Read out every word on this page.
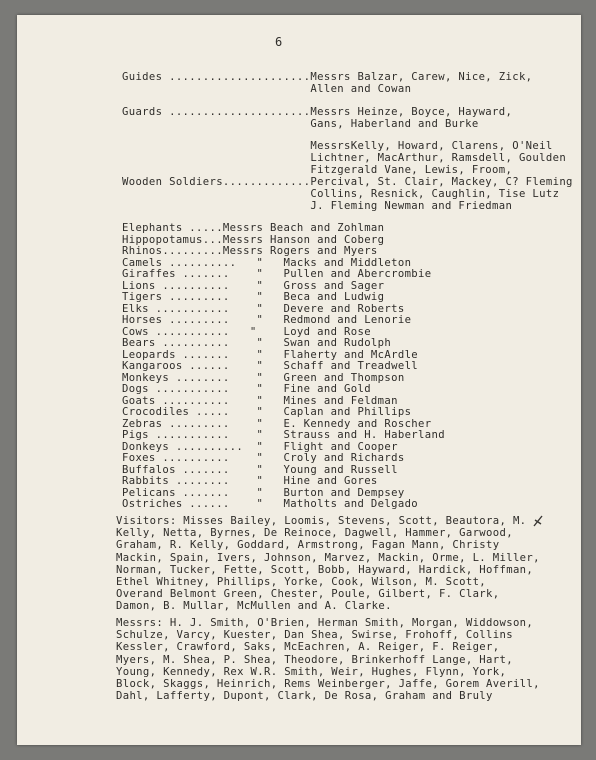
6
Guides .....................Messrs Balzar, Carew, Nice, Zick,
Allen and Cowan
Guards .....................Messrs Heinze, Boyce, Hayward,
Gans, Haberland and Burke
MessrsKelly, Howard, Clarens, O'Neil
Lichtner, MacArthur, Ramsdell, Goulden
Fitzgerald Vane, Lewis, Froom,
Wooden Soldiers.............Percival, St. Clair, Mackey, C? Fleming
Collins, Resnick, Caughlin, Tise Lutz
J. Fleming Newman and Friedman
Elephants .....Messrs Beach and Zohlman
Hippopotamus...Messrs Hanson and Coberg
Rhinos.........Messrs Rogers and Myers
Camels ..........   "   Macks and Middleton
Giraffes .......    "   Pullen and Abercrombie
Lions ..........    "   Gross and Sager
Tigers .........    "   Beca and Ludwig
Elks ...........    "   Devere and Roberts
Horses .........    "   Redmond and Lenorie
Cows ...........   "    Loyd and Rose
Bears ..........    "   Swan and Rudolph
Leopards .......    "   Flaherty and McArdle
Kangaroos ......    "   Schaff and Treadwell
Monkeys ........    "   Green and Thompson
Dogs ...........    "   Fine and Gold
Goats ..........    "   Mines and Feldman
Crocodiles .....    "   Caplan and Phillips
Zebras .........    "   E. Kennedy and Roscher
Pigs ...........    "   Strauss and H. Haberland
Donkeys ..........  "   Flight and Cooper
Foxes ..........    "   Croly and Richards
Buffalos .......    "   Young and Russell
Rabbits ........    "   Hine and Gores
Pelicans .......    "   Burton and Dempsey
Ostriches ......    "   Matholts and Delgado
Visitors: Misses Bailey, Loomis, Stevens, Scott, Beautora, M.
Kelly, Netta, Byrnes, De Reinoce, Dagwell, Hammer, Garwood,
Graham, R. Kelly, Goddard, Armstrong, Fagan Mann, Christy
Mackin, Spain, Ivers, Johnson, Marvez, Mackin, Orme, L. Miller,
Norman, Tucker, Fette, Scott, Bobb, Hayward, Hardick, Hoffman,
Ethel Whitney, Phillips, Yorke, Cook, Wilson, M. Scott,
Overand Belmont Green, Chester, Poule, Gilbert, F. Clark,
Damon, B. Mullar, McMullen and A. Clarke.
Messrs: H. J. Smith, O'Brien, Herman Smith, Morgan, Widdowson,
Schulze, Varcy, Kuester, Dan Shea, Swirse, Frohoff, Collins
Kessler, Crawford, Saks, McEachren, A. Reiger, F. Reiger,
Myers, M. Shea, P. Shea, Theodore, Brinkerhoff Lange, Hart,
Young, Kennedy, Rex W.R. Smith, Weir, Hughes, Flynn, York,
Block, Skaggs, Heinrich, Rems Weinberger, Jaffe, Gorem Averill,
Dahl, Lafferty, Dupont, Clark, De Rosa, Graham and Bruly
